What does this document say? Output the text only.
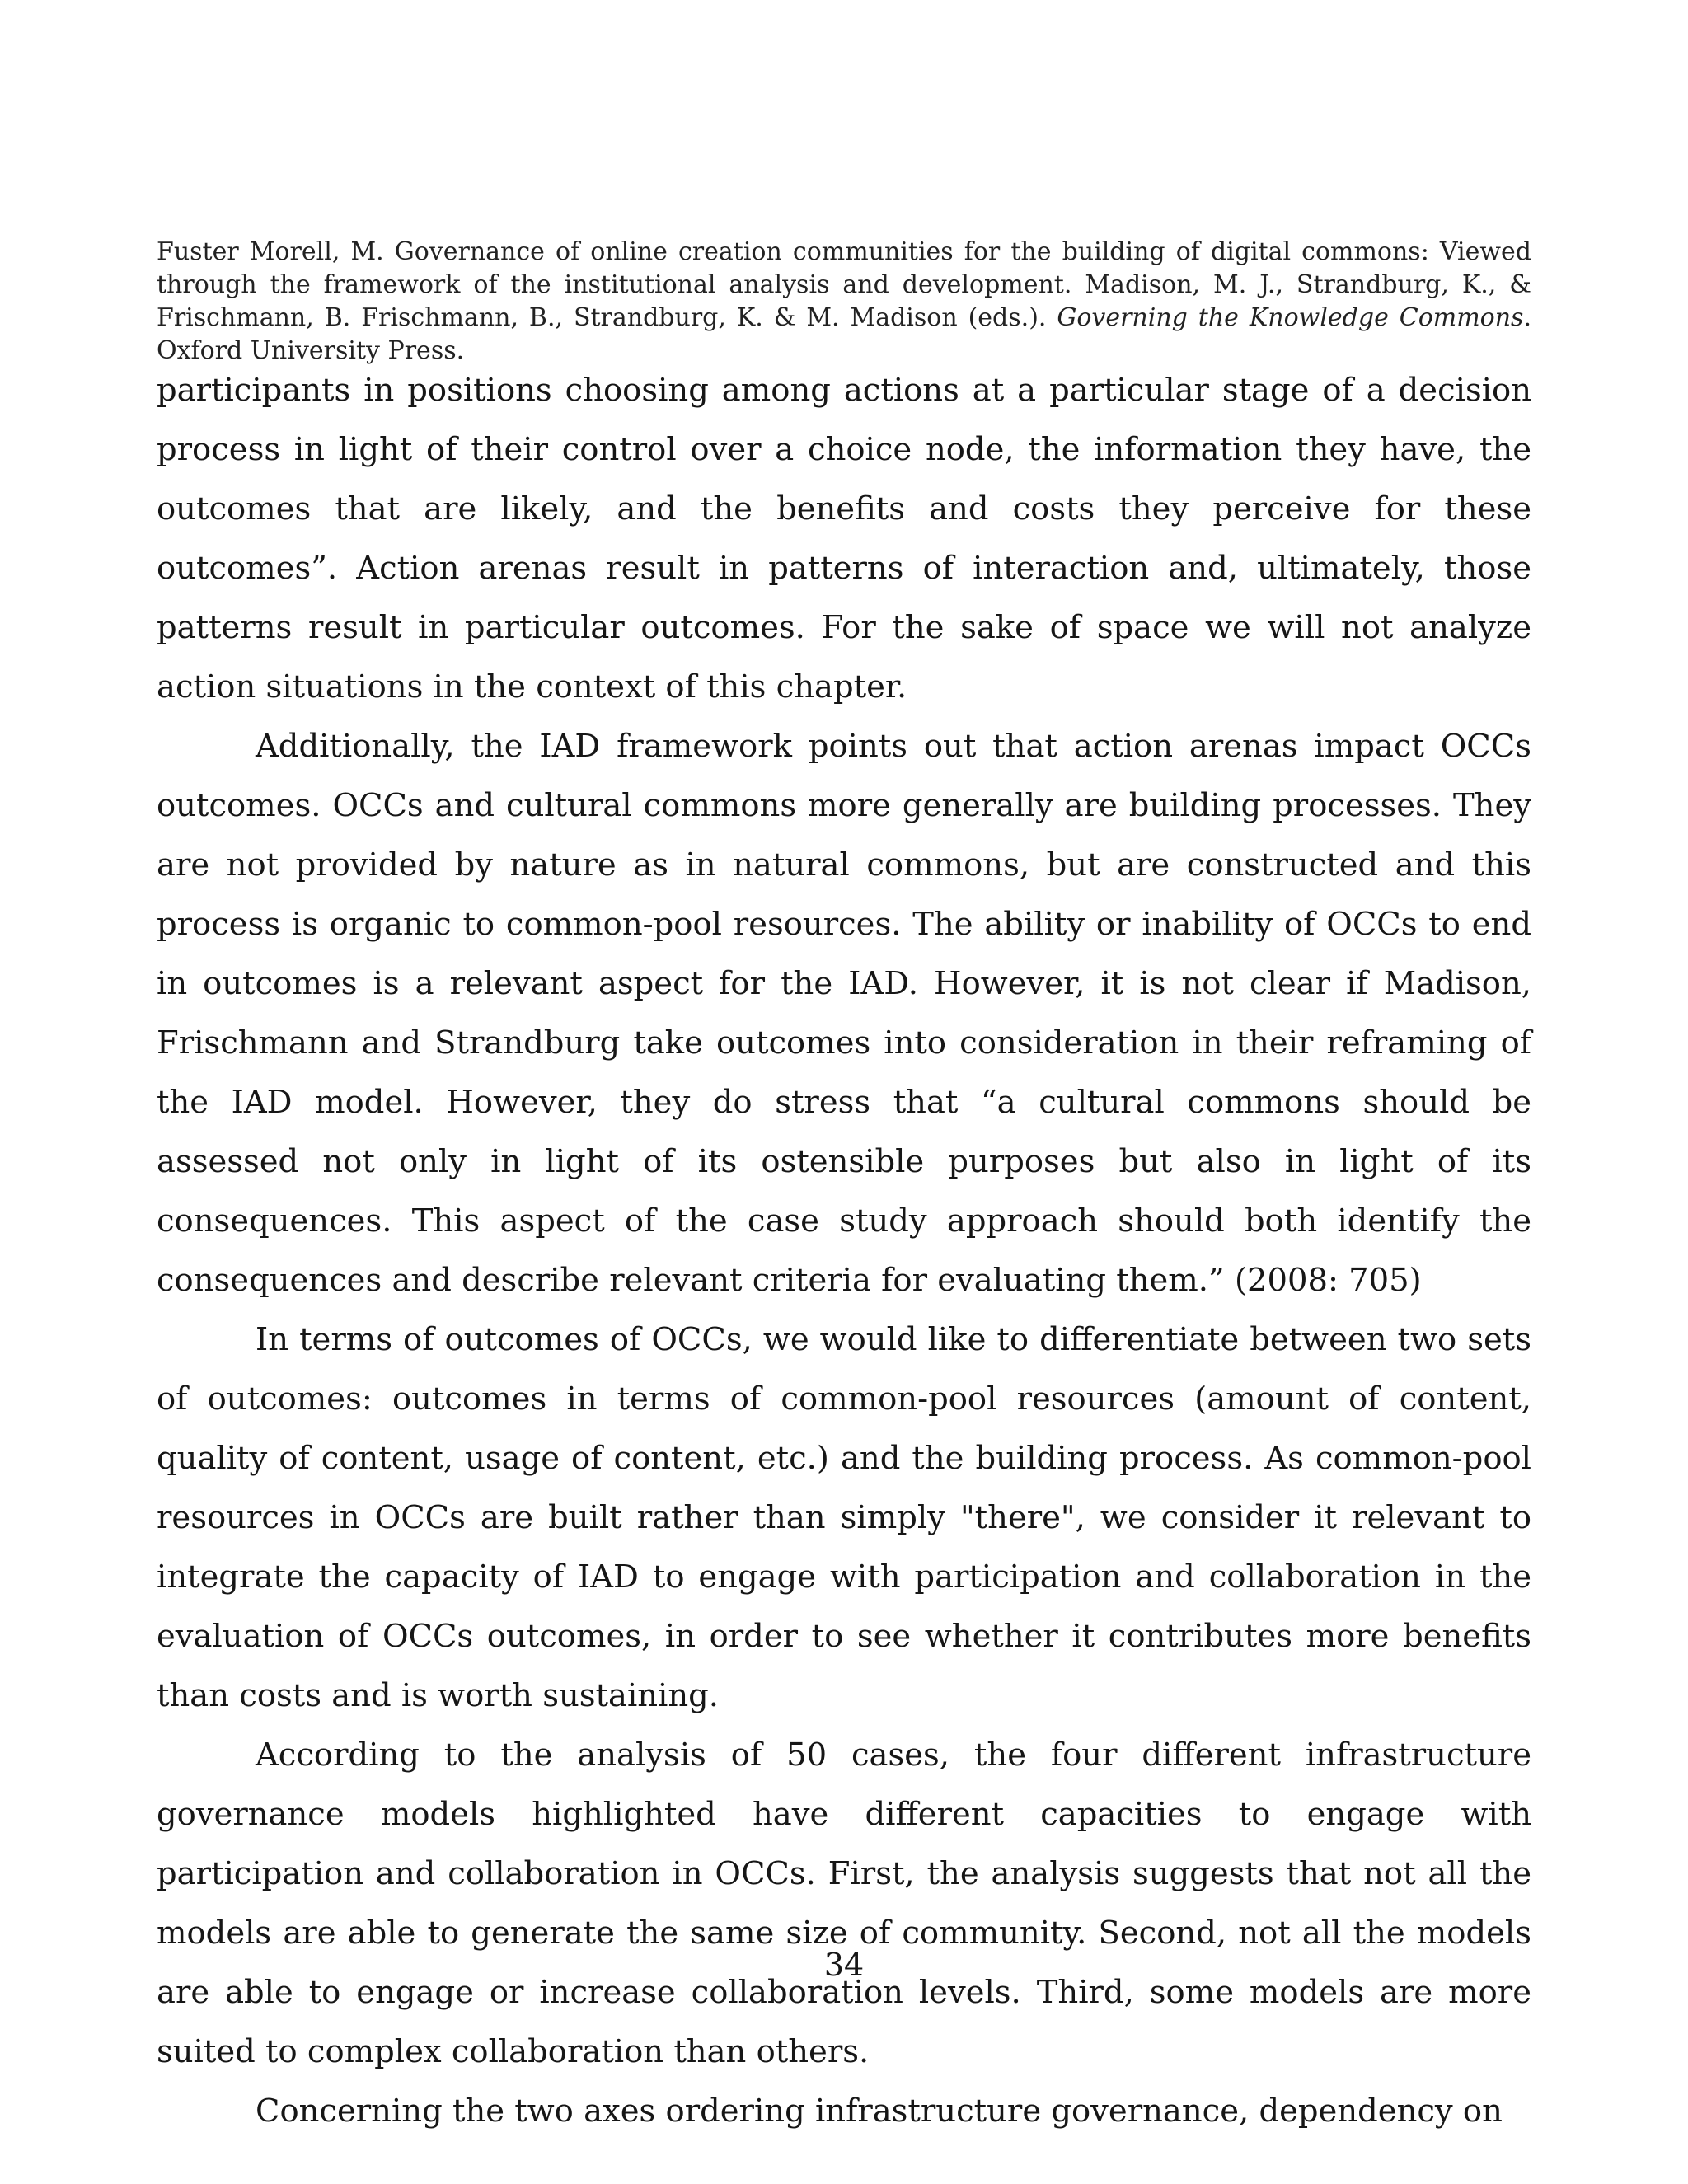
Fuster Morell, M. Governance of online creation communities for the building of digital commons: Viewed through the framework of the institutional analysis and development. Madison, M. J., Strandburg, K., & Frischmann, B. Frischmann, B., Strandburg, K. & M. Madison (eds.). Governing the Knowledge Commons. Oxford University Press.

participants in positions choosing among actions at a particular stage of a decision process in light of their control over a choice node, the information they have, the outcomes that are likely, and the benefits and costs they perceive for these outcomes”. Action arenas result in patterns of interaction and, ultimately, those patterns result in particular outcomes. For the sake of space we will not analyze action situations in the context of this chapter.

Additionally, the IAD framework points out that action arenas impact OCCs outcomes. OCCs and cultural commons more generally are building processes. They are not provided by nature as in natural commons, but are constructed and this process is organic to common-pool resources. The ability or inability of OCCs to end in outcomes is a relevant aspect for the IAD. However, it is not clear if Madison, Frischmann and Strandburg take outcomes into consideration in their reframing of the IAD model. However, they do stress that “a cultural commons should be assessed not only in light of its ostensible purposes but also in light of its consequences. This aspect of the case study approach should both identify the consequences and describe relevant criteria for evaluating them.” (2008: 705)

In terms of outcomes of OCCs, we would like to differentiate between two sets of outcomes: outcomes in terms of common-pool resources (amount of content, quality of content, usage of content, etc.) and the building process. As common-pool resources in OCCs are built rather than simply "there", we consider it relevant to integrate the capacity of IAD to engage with participation and collaboration in the evaluation of OCCs outcomes, in order to see whether it contributes more benefits than costs and is worth sustaining.

According to the analysis of 50 cases, the four different infrastructure governance models highlighted have different capacities to engage with participation and collaboration in OCCs. First, the analysis suggests that not all the models are able to generate the same size of community. Second, not all the models are able to engage or increase collaboration levels. Third, some models are more suited to complex collaboration than others.

Concerning the two axes ordering infrastructure governance, dependency on

34
